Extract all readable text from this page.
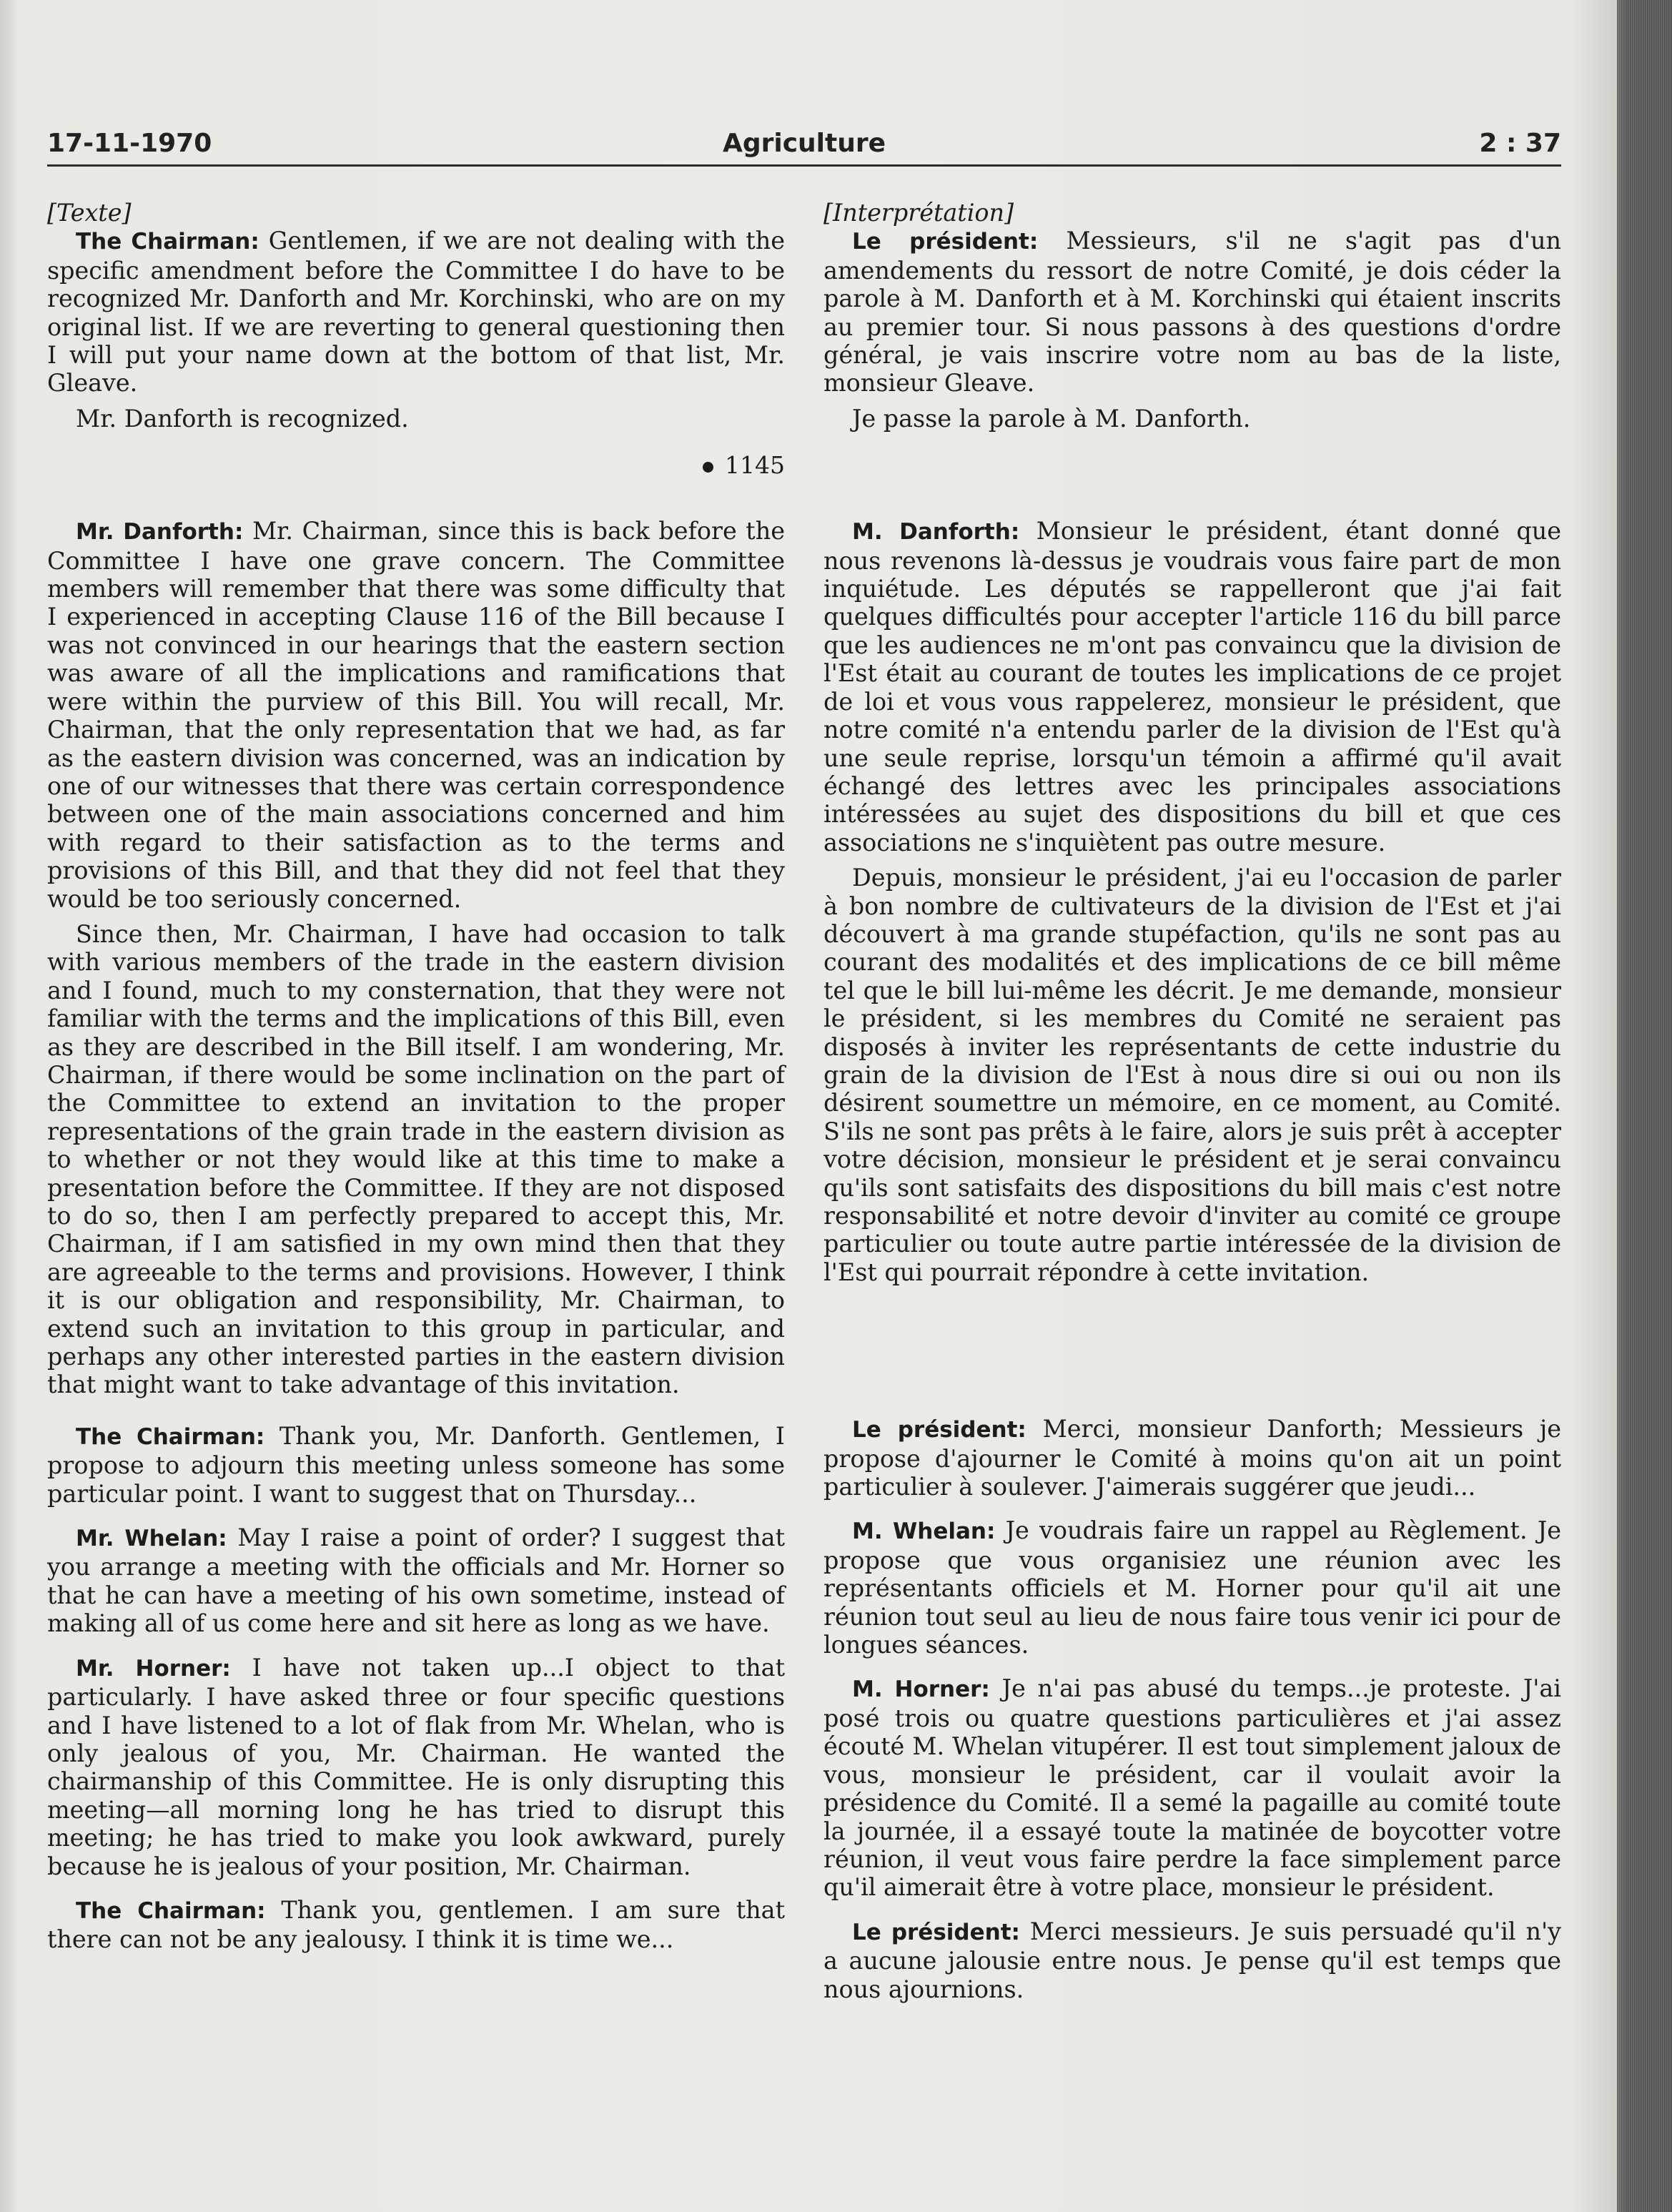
17-11-1970	Agriculture	2 : 37

[Texte]

The Chairman: Gentlemen, if we are not dealing with the specific amendment before the Committee I do have to be recognized Mr. Danforth and Mr. Korchinski, who are on my original list. If we are reverting to general questioning then I will put your name down at the bottom of that list, Mr. Gleave.

Mr. Danforth is recognized.

1145

Mr. Danforth: Mr. Chairman, since this is back before the Committee I have one grave concern. The Committee members will remember that there was some difficulty that I experienced in accepting Clause 116 of the Bill because I was not convinced in our hearings that the eastern section was aware of all the implications and ramifications that were within the purview of this Bill. You will recall, Mr. Chairman, that the only representation that we had, as far as the eastern division was concerned, was an indication by one of our witnesses that there was certain correspondence between one of the main associations concerned and him with regard to their satisfaction as to the terms and provisions of this Bill, and that they did not feel that they would be too seriously concerned.

Since then, Mr. Chairman, I have had occasion to talk with various members of the trade in the eastern division and I found, much to my consternation, that they were not familiar with the terms and the implications of this Bill, even as they are described in the Bill itself. I am wondering, Mr. Chairman, if there would be some inclination on the part of the Committee to extend an invitation to the proper representations of the grain trade in the eastern division as to whether or not they would like at this time to make a presentation before the Committee. If they are not disposed to do so, then I am perfectly prepared to accept this, Mr. Chairman, if I am satisfied in my own mind then that they are agreeable to the terms and provisions. However, I think it is our obligation and responsibility, Mr. Chairman, to extend such an invitation to this group in particular, and perhaps any other interested parties in the eastern division that might want to take advantage of this invitation.

The Chairman: Thank you, Mr. Danforth. Gentlemen, I propose to adjourn this meeting unless someone has some particular point. I want to suggest that on Thursday...

Mr. Whelan: May I raise a point of order? I suggest that you arrange a meeting with the officials and Mr. Horner so that he can have a meeting of his own sometime, instead of making all of us come here and sit here as long as we have.

Mr. Horner: I have not taken up...I object to that particularly. I have asked three or four specific questions and I have listened to a lot of flak from Mr. Whelan, who is only jealous of you, Mr. Chairman. He wanted the chairmanship of this Committee. He is only disrupting this meeting—all morning long he has tried to disrupt this meeting; he has tried to make you look awkward, purely because he is jealous of your position, Mr. Chairman.

The Chairman: Thank you, gentlemen. I am sure that there can not be any jealousy. I think it is time we...

[Interprétation]

Le président: Messieurs, s'il ne s'agit pas d'un amendements du ressort de notre Comité, je dois céder la parole à M. Danforth et à M. Korchinski qui étaient inscrits au premier tour. Si nous passons à des questions d'ordre général, je vais inscrire votre nom au bas de la liste, monsieur Gleave.

Je passe la parole à M. Danforth.

M. Danforth: Monsieur le président, étant donné que nous revenons là-dessus je voudrais vous faire part de mon inquiétude. Les députés se rappelleront que j'ai fait quelques difficultés pour accepter l'article 116 du bill parce que les audiences ne m'ont pas convaincu que la division de l'Est était au courant de toutes les implications de ce projet de loi et vous vous rappelerez, monsieur le président, que notre comité n'a entendu parler de la division de l'Est qu'à une seule reprise, lorsqu'un témoin a affirmé qu'il avait échangé des lettres avec les principales associations intéressées au sujet des dispositions du bill et que ces associations ne s'inquiètent pas outre mesure.

Depuis, monsieur le président, j'ai eu l'occasion de parler à bon nombre de cultivateurs de la division de l'Est et j'ai découvert à ma grande stupéfaction, qu'ils ne sont pas au courant des modalités et des implications de ce bill même tel que le bill lui-même les décrit. Je me demande, monsieur le président, si les membres du Comité ne seraient pas disposés à inviter les représentants de cette industrie du grain de la division de l'Est à nous dire si oui ou non ils désirent soumettre un mémoire, en ce moment, au Comité. S'ils ne sont pas prêts à le faire, alors je suis prêt à accepter votre décision, monsieur le président et je serai convaincu qu'ils sont satisfaits des dispositions du bill mais c'est notre responsabilité et notre devoir d'inviter au comité ce groupe particulier ou toute autre partie intéressée de la division de l'Est qui pourrait répondre à cette invitation.

Le président: Merci, monsieur Danforth; Messieurs je propose d'ajourner le Comité à moins qu'on ait un point particulier à soulever. J'aimerais suggérer que jeudi...

M. Whelan: Je voudrais faire un rappel au Règlement. Je propose que vous organisiez une réunion avec les représentants officiels et M. Horner pour qu'il ait une réunion tout seul au lieu de nous faire tous venir ici pour de longues séances.

M. Horner: Je n'ai pas abusé du temps...je proteste. J'ai posé trois ou quatre questions particulières et j'ai assez écouté M. Whelan vitupérer. Il est tout simplement jaloux de vous, monsieur le président, car il voulait avoir la présidence du Comité. Il a semé la pagaille au comité toute la journée, il a essayé toute la matinée de boycotter votre réunion, il veut vous faire perdre la face simplement parce qu'il aimerait être à votre place, monsieur le président.

Le président: Merci messieurs. Je suis persuadé qu'il n'y a aucune jalousie entre nous. Je pense qu'il est temps que nous ajournions.
